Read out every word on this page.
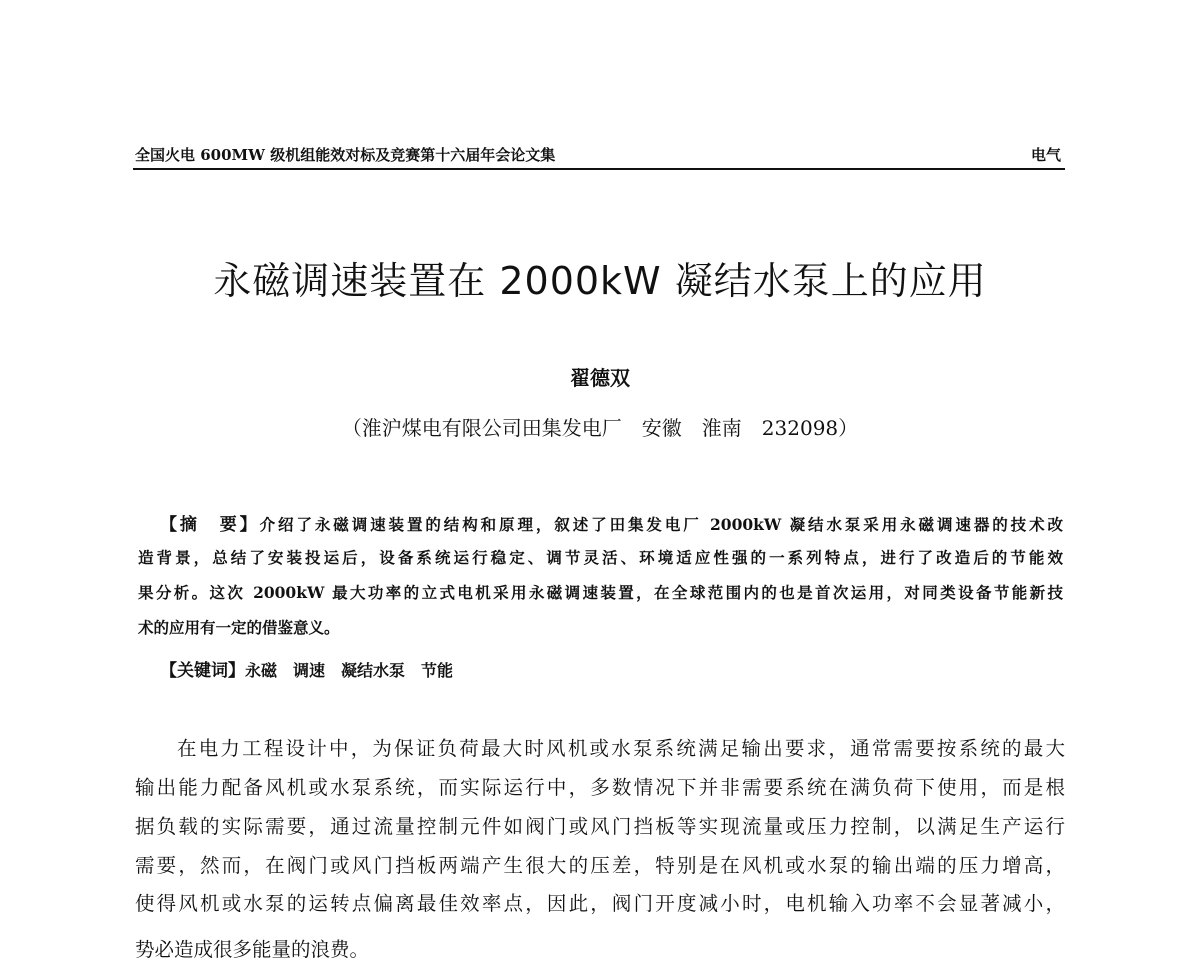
全国火电 600MW 级机组能效对标及竞赛第十六届年会论文集	电气
永磁调速装置在 2000kW 凝结水泵上的应用
翟德双
（淮沪煤电有限公司田集发电厂　安徽　淮南　232098）
【摘　要】介绍了永磁调速装置的结构和原理，叙述了田集发电厂 2000kW 凝结水泵采用永磁调速器的技术改
造背景，总结了安装投运后，设备系统运行稳定、调节灵活、环境适应性强的一系列特点，进行了改造后的节能效
果分析。这次 2000kW 最大功率的立式电机采用永磁调速装置，在全球范围内的也是首次运用，对同类设备节能新技
术的应用有一定的借鉴意义。
【关键词】永磁　调速　凝结水泵　节能
在电力工程设计中，为保证负荷最大时风机或水泵系统满足输出要求，通常需要按系统的最大
输出能力配备风机或水泵系统，而实际运行中，多数情况下并非需要系统在满负荷下使用，而是根
据负载的实际需要，通过流量控制元件如阀门或风门挡板等实现流量或压力控制，以满足生产运行
需要，然而，在阀门或风门挡板两端产生很大的压差，特别是在风机或水泵的输出端的压力增高，
使得风机或水泵的运转点偏离最佳效率点，因此，阀门开度减小时，电机输入功率不会显著减小，
势必造成很多能量的浪费。
